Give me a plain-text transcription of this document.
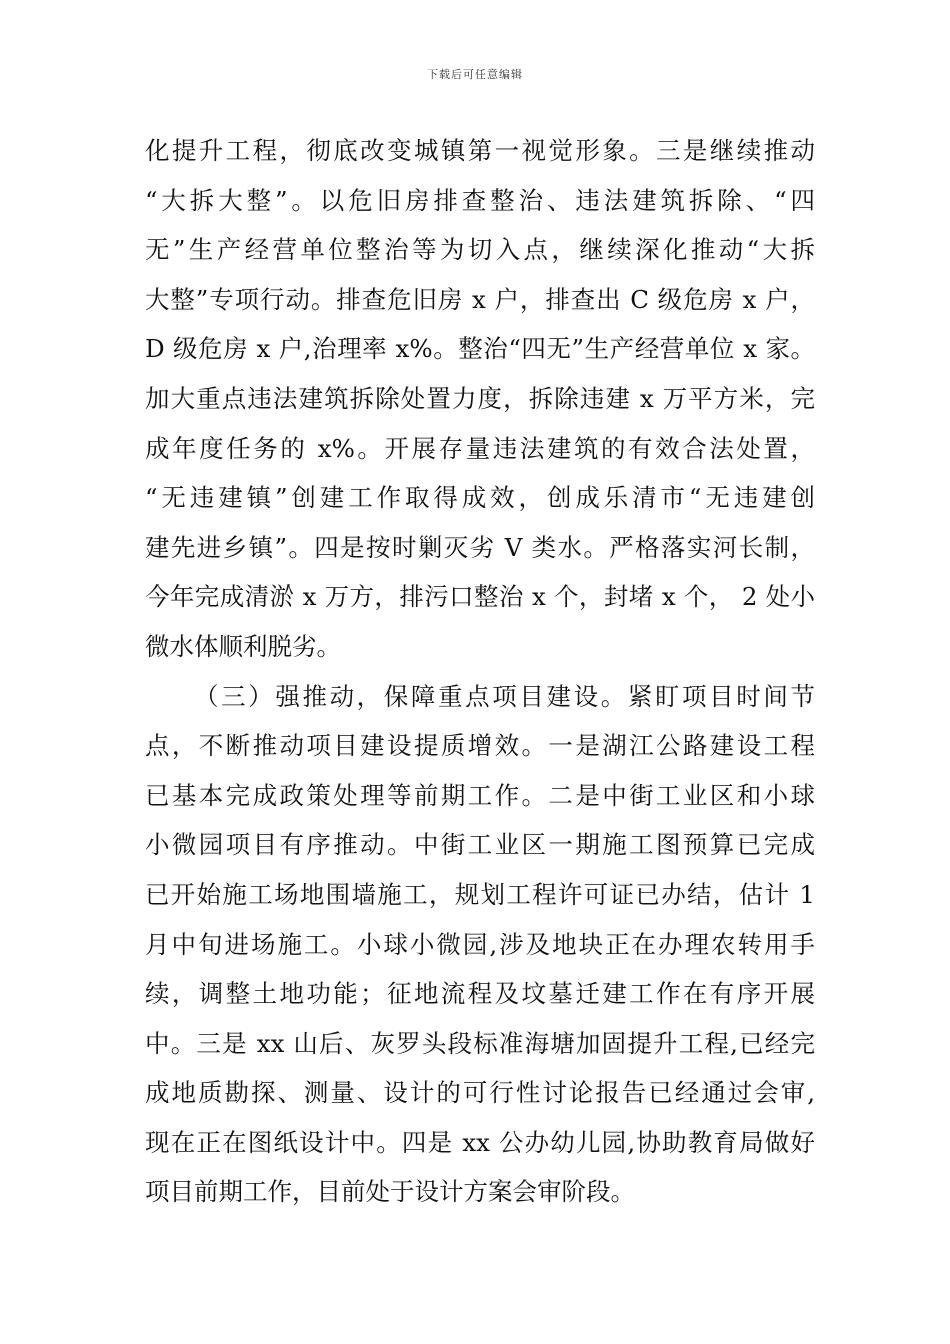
下载后可任意编辑
化提升工程，彻底改变城镇第一视觉形象。三是继续推动
“大拆大整”。以危旧房排查整治、违法建筑拆除、“四
无”生产经营单位整治等为切入点，继续深化推动“大拆
大整”专项行动。排查危旧房 x 户，排查出 C 级危房 x 户，
D 级危房 x 户,治理率 x%。整治“四无”生产经营单位 x 家。
加大重点违法建筑拆除处置力度，拆除违建 x 万平方米，完
成年度任务的 x%。开展存量违法建筑的有效合法处置，
“无违建镇”创建工作取得成效，创成乐清市“无违建创
建先进乡镇”。四是按时剿灭劣 V 类水。严格落实河长制，
今年完成清淤 x 万方，排污口整治 x 个，封堵 x 个， 2 处小
微水体顺利脱劣。
（三）强推动，保障重点项目建设。紧盯项目时间节
点，不断推动项目建设提质增效。一是湖江公路建设工程
已基本完成政策处理等前期工作。二是中街工业区和小球
小微园项目有序推动。中街工业区一期施工图预算已完成
已开始施工场地围墙施工，规划工程许可证已办结，估计 1
月中旬进场施工。小球小微园,涉及地块正在办理农转用手
续，调整土地功能；征地流程及坟墓迁建工作在有序开展
中。三是 xx 山后、灰罗头段标准海塘加固提升工程,已经完
成地质勘探、测量、设计的可行性讨论报告已经通过会审,
现在正在图纸设计中。四是 xx 公办幼儿园,协助教育局做好
项目前期工作，目前处于设计方案会审阶段。
